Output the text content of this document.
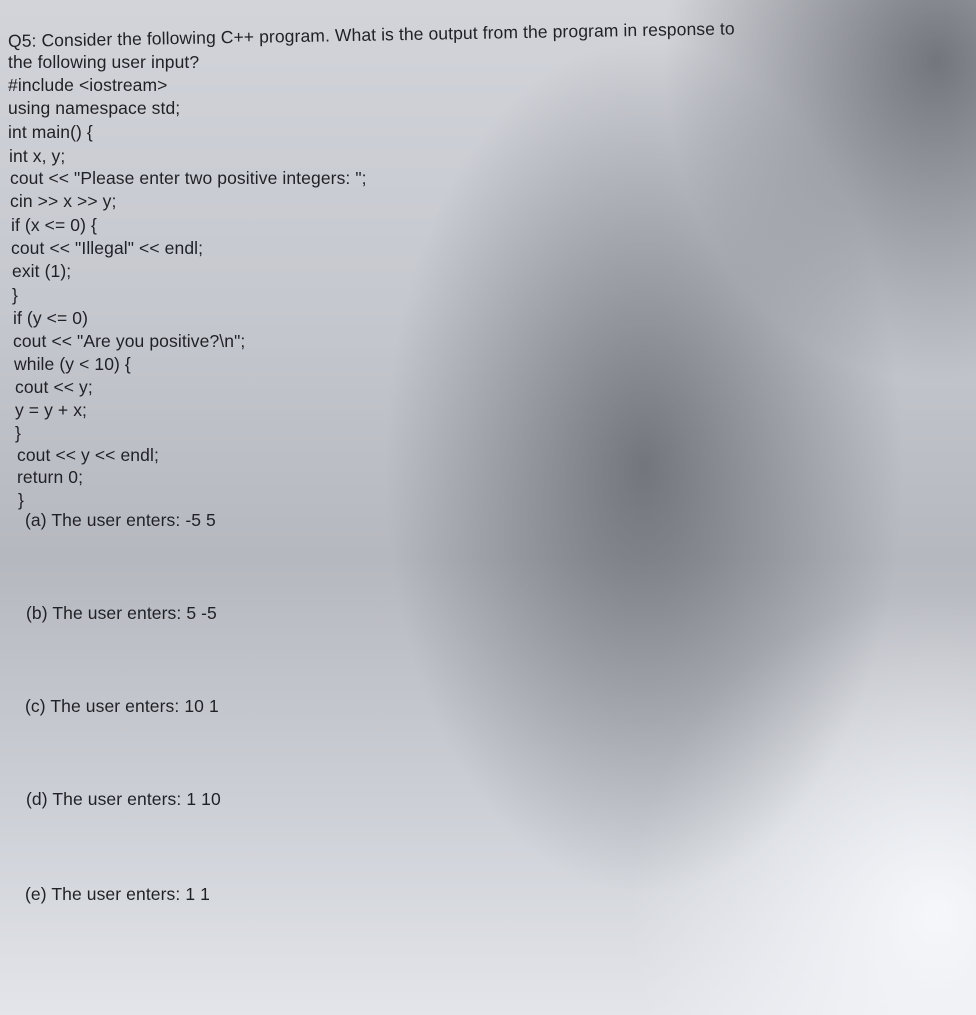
Q5: Consider the following C++ program. What is the output from the program in response to
the following user input?
#include <iostream>
using namespace std;
int main() {
int x, y;
cout << "Please enter two positive integers: ";
cin >> x >> y;
if (x <= 0) {
cout << "Illegal" << endl;
exit (1);
}
if (y <= 0)
cout << "Are you positive?\n";
while (y < 10) {
cout << y;
y = y + x;
}
cout << y << endl;
return 0;
}
(a) The user enters: -5 5
(b) The user enters: 5 -5
(c) The user enters: 10 1
(d) The user enters: 1 10
(e) The user enters: 1 1
